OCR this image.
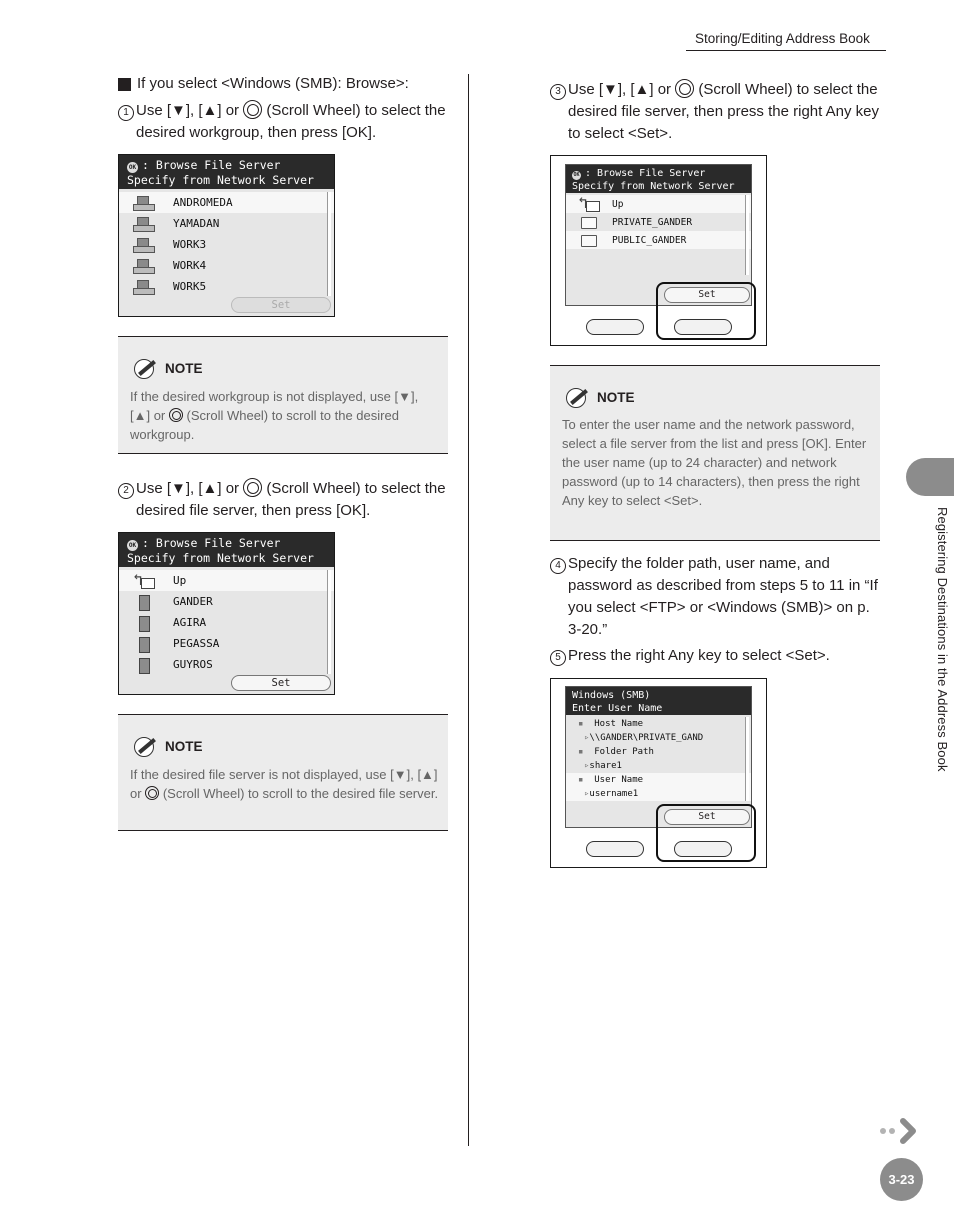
Storing/Editing Address Book
If you select <Windows (SMB): Browse>:
1 Use [▼], [▲] or (Scroll Wheel) to select the desired workgroup, then press [OK].
OK : Browse File Server
Specify from Network Server
ANDROMEDA
YAMADAN
WORK3
WORK4
WORK5
Set
NOTE
If the desired workgroup is not displayed, use [▼], [▲] or (Scroll Wheel) to scroll to the desired workgroup.
2 Use [▼], [▲] or (Scroll Wheel) to select the desired file server, then press [OK].
OK : Browse File Server
Specify from Network Server
↰
Up
GANDER
AGIRA
PEGASSA
GUYROS
Set
NOTE
If the desired file server is not displayed, use [▼], [▲] or (Scroll Wheel) to scroll to the desired file server.
3 Use [▼], [▲] or (Scroll Wheel) to select the desired file server, then press the right Any key to select <Set>.
OK : Browse File Server
Specify from Network Server
↰
Up
PRIVATE_GANDER
PUBLIC_GANDER
Set
NOTE
To enter the user name and the network password, select a file server from the list and press [OK]. Enter the user name (up to 24 character) and network password (up to 14 characters), then press the right Any key to select <Set>.
4 Specify the folder path, user name, and password as described from steps 5 to 11 in “If you select <FTP> or <Windows (SMB)> on p. 3-20.”
5 Press the right Any key to select <Set>.
Windows (SMB)
Enter User Name
▪ Host Name
▹\\GANDER\PRIVATE_GAND
▪ Folder Path
▹share1
▪ User Name
▹username1
Set
Registering Destinations in the Address Book
3-23
